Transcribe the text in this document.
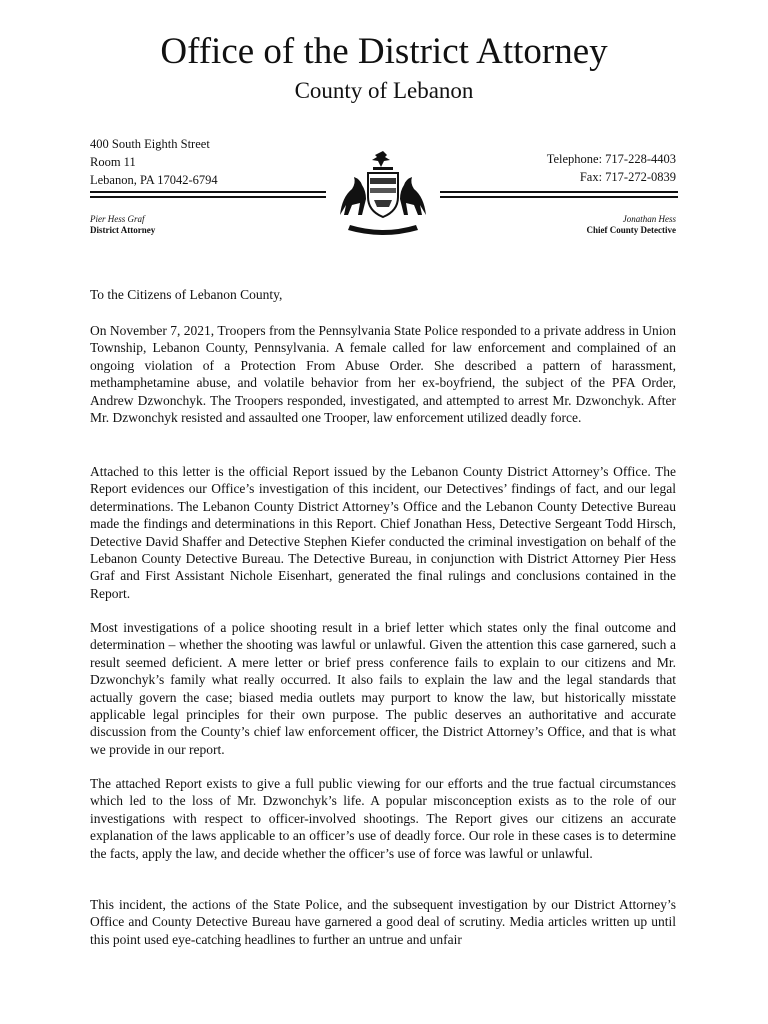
Office of the District Attorney
County of Lebanon
400 South Eighth Street
Room 11
Lebanon, PA 17042-6794
Telephone: 717-228-4403
Fax: 717-272-0839
Pier Hess Graf
District Attorney
Jonathan Hess
Chief County Detective
To the Citizens of Lebanon County,

On November 7, 2021, Troopers from the Pennsylvania State Police responded to a private address in Union Township, Lebanon County, Pennsylvania. A female called for law enforcement and complained of an ongoing violation of a Protection From Abuse Order. She described a pattern of harassment, methamphetamine abuse, and volatile behavior from her ex-boyfriend, the subject of the PFA Order, Andrew Dzwonchyk. The Troopers responded, investigated, and attempted to arrest Mr. Dzwonchyk. After Mr. Dzwonchyk resisted and assaulted one Trooper, law enforcement utilized deadly force.

Attached to this letter is the official Report issued by the Lebanon County District Attorney’s Office. The Report evidences our Office’s investigation of this incident, our Detectives’ findings of fact, and our legal determinations. The Lebanon County District Attorney’s Office and the Lebanon County Detective Bureau made the findings and determinations in this Report. Chief Jonathan Hess, Detective Sergeant Todd Hirsch, Detective David Shaffer and Detective Stephen Kiefer conducted the criminal investigation on behalf of the Lebanon County Detective Bureau. The Detective Bureau, in conjunction with District Attorney Pier Hess Graf and First Assistant Nichole Eisenhart, generated the final rulings and conclusions contained in the Report.

Most investigations of a police shooting result in a brief letter which states only the final outcome and determination – whether the shooting was lawful or unlawful. Given the attention this case garnered, such a result seemed deficient. A mere letter or brief press conference fails to explain to our citizens and Mr. Dzwonchyk’s family what really occurred. It also fails to explain the law and the legal standards that actually govern the case; biased media outlets may purport to know the law, but historically misstate applicable legal principles for their own purpose. The public deserves an authoritative and accurate discussion from the County’s chief law enforcement officer, the District Attorney’s Office, and that is what we provide in our report.

The attached Report exists to give a full public viewing for our efforts and the true factual circumstances which led to the loss of Mr. Dzwonchyk’s life. A popular misconception exists as to the role of our investigations with respect to officer-involved shootings. The Report gives our citizens an accurate explanation of the laws applicable to an officer’s use of deadly force. Our role in these cases is to determine the facts, apply the law, and decide whether the officer’s use of force was lawful or unlawful.

This incident, the actions of the State Police, and the subsequent investigation by our District Attorney’s Office and County Detective Bureau have garnered a good deal of scrutiny. Media articles written up until this point used eye-catching headlines to further an untrue and unfair
